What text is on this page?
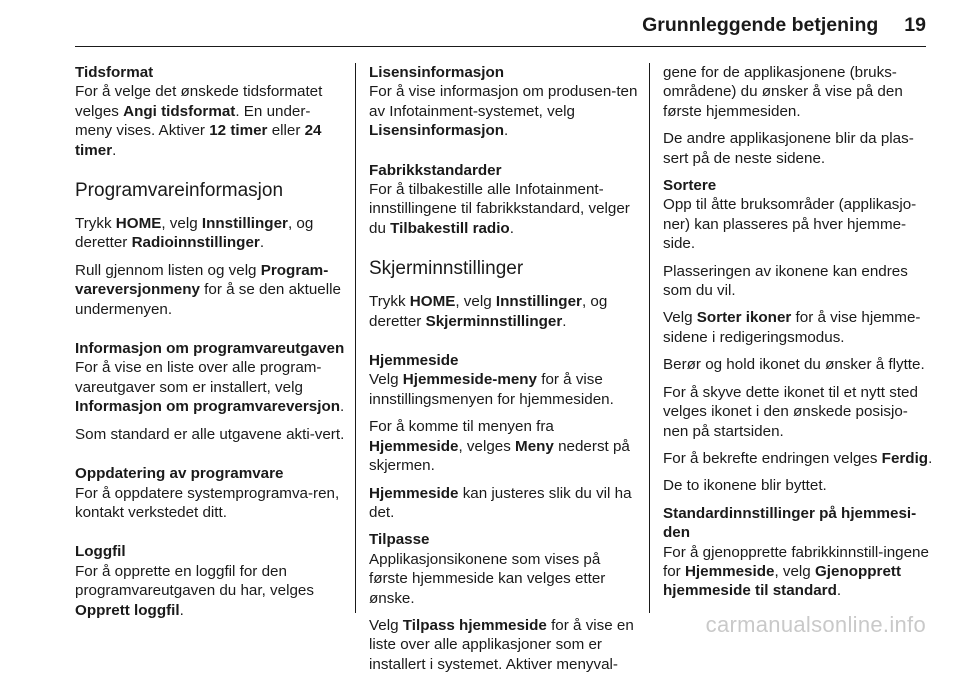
Grunnleggende betjening 19

Tidsformat
For å velge det ønskede tidsformatet velges Angi tidsformat. En under-meny vises. Aktiver 12 timer eller 24 timer.

Programvareinformasjon

Trykk HOME, velg Innstillinger, og deretter Radioinnstillinger.

Rull gjennom listen og velg Program-vareversjonmeny for å se den aktuelle undermenyen.

Informasjon om programvareutgaven
For å vise en liste over alle program-vareutgaver som er installert, velg Informasjon om programvareversjon.

Som standard er alle utgavene akti-vert.

Oppdatering av programvare
For å oppdatere systemprogramva-ren, kontakt verkstedet ditt.

Loggfil
For å opprette en loggfil for den programvareutgaven du har, velges Opprett loggfil.

Lisensinformasjon
For å vise informasjon om produsen-ten av Infotainment-systemet, velg Lisensinformasjon.

Fabrikkstandarder
For å tilbakestille alle Infotainment-innstillingene til fabrikkstandard, velger du Tilbakestill radio.

Skjerminnstillinger

Trykk HOME, velg Innstillinger, og deretter Skjerminnstillinger.

Hjemmeside
Velg Hjemmeside-meny for å vise innstillingsmenyen for hjemmesiden.

For å komme til menyen fra Hjemmeside, velges Meny nederst på skjermen.

Hjemmeside kan justeres slik du vil ha det.

Tilpasse
Applikasjonsikonene som vises på første hjemmeside kan velges etter ønske.

Velg Tilpass hjemmeside for å vise en liste over alle applikasjoner som er installert i systemet. Aktiver menyval-

gene for de applikasjonene (bruks-områdene) du ønsker å vise på den første hjemmesiden.

De andre applikasjonene blir da plas-sert på de neste sidene.

Sortere
Opp til åtte bruksområder (applikasjo-ner) kan plasseres på hver hjemme-side.

Plasseringen av ikonene kan endres som du vil.

Velg Sorter ikoner for å vise hjemme-sidene i redigeringsmodus.

Berør og hold ikonet du ønsker å flytte.

For å skyve dette ikonet til et nytt sted velges ikonet i den ønskede posisjo-nen på startsiden.

For å bekrefte endringen velges Ferdig.

De to ikonene blir byttet.

Standardinnstillinger på hjemmesi-den
For å gjenopprette fabrikkinnstill-ingene for Hjemmeside, velg Gjenopprett hjemmeside til standard.

carmanualsonline.info
